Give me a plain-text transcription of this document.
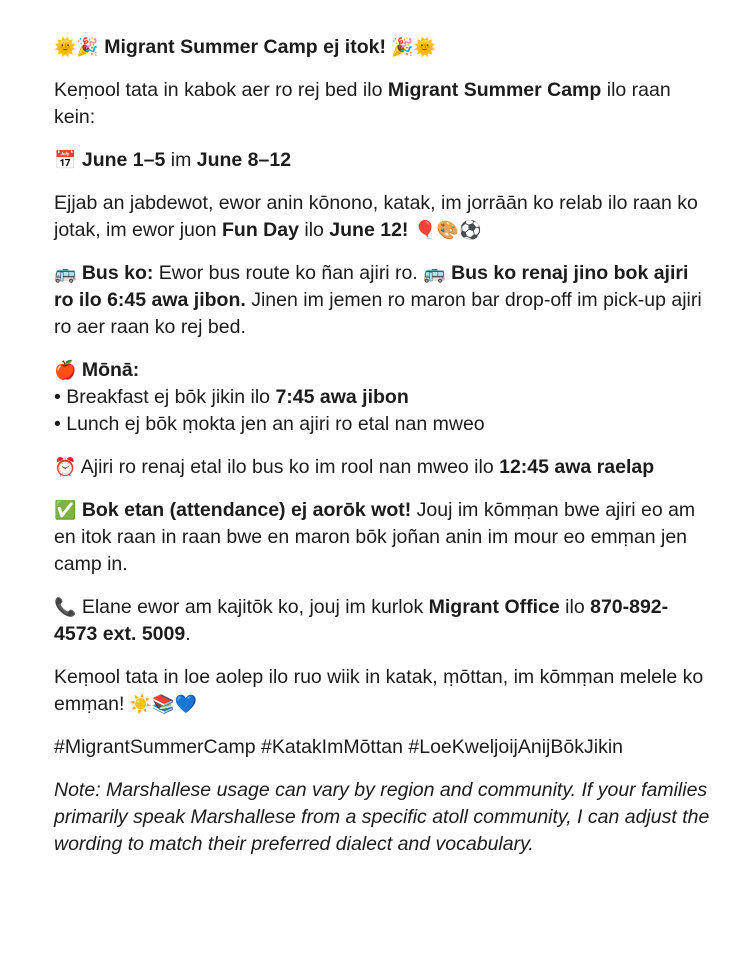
🌞🎉 Migrant Summer Camp ej itok! 🎉🌞

Keṃool tata in kabok aer ro rej bed ilo Migrant Summer Camp ilo raan kein:

📅 June 1–5 im June 8–12

Ejjab an jabdewot, ewor anin kōnono, katak, im jorrāān ko relab ilo raan ko jotak, im ewor juon Fun Day ilo June 12! 🎈🎨⚽

🚌 Bus ko: Ewor bus route ko ñan ajiri ro. 🚌 Bus ko renaj jino bok ajiri ro ilo 6:45 awa jibon. Jinen im jemen ro maron bar drop-off im pick-up ajiri ro aer raan ko rej bed.

🍎 Mōnā:

• Breakfast ej bōk jikin ilo 7:45 awa jibon
• Lunch ej bōk ṃokta jen an ajiri ro etal nan mweo

⏰ Ajiri ro renaj etal ilo bus ko im rool nan mweo ilo 12:45 awa raelap

✅ Bok etan (attendance) ej aorōk wot! Jouj im kōmṃan bwe ajiri eo am en itok raan in raan bwe en maron bōk joñan anin im mour eo emṃan jen camp in.

📞 Elane ewor am kajitōk ko, jouj im kurlok Migrant Office ilo 870-892-4573 ext. 5009.

Keṃool tata in loe aolep ilo ruo wiik in katak, ṃōttan, im kōmṃan melele ko emṃan! ☀️📚💙

#MigrantSummerCamp #KatakImMōttan #LoeKweljoijAnijBōkJikin

Note: Marshallese usage can vary by region and community. If your families primarily speak Marshallese from a specific atoll community, I can adjust the wording to match their preferred dialect and vocabulary.
